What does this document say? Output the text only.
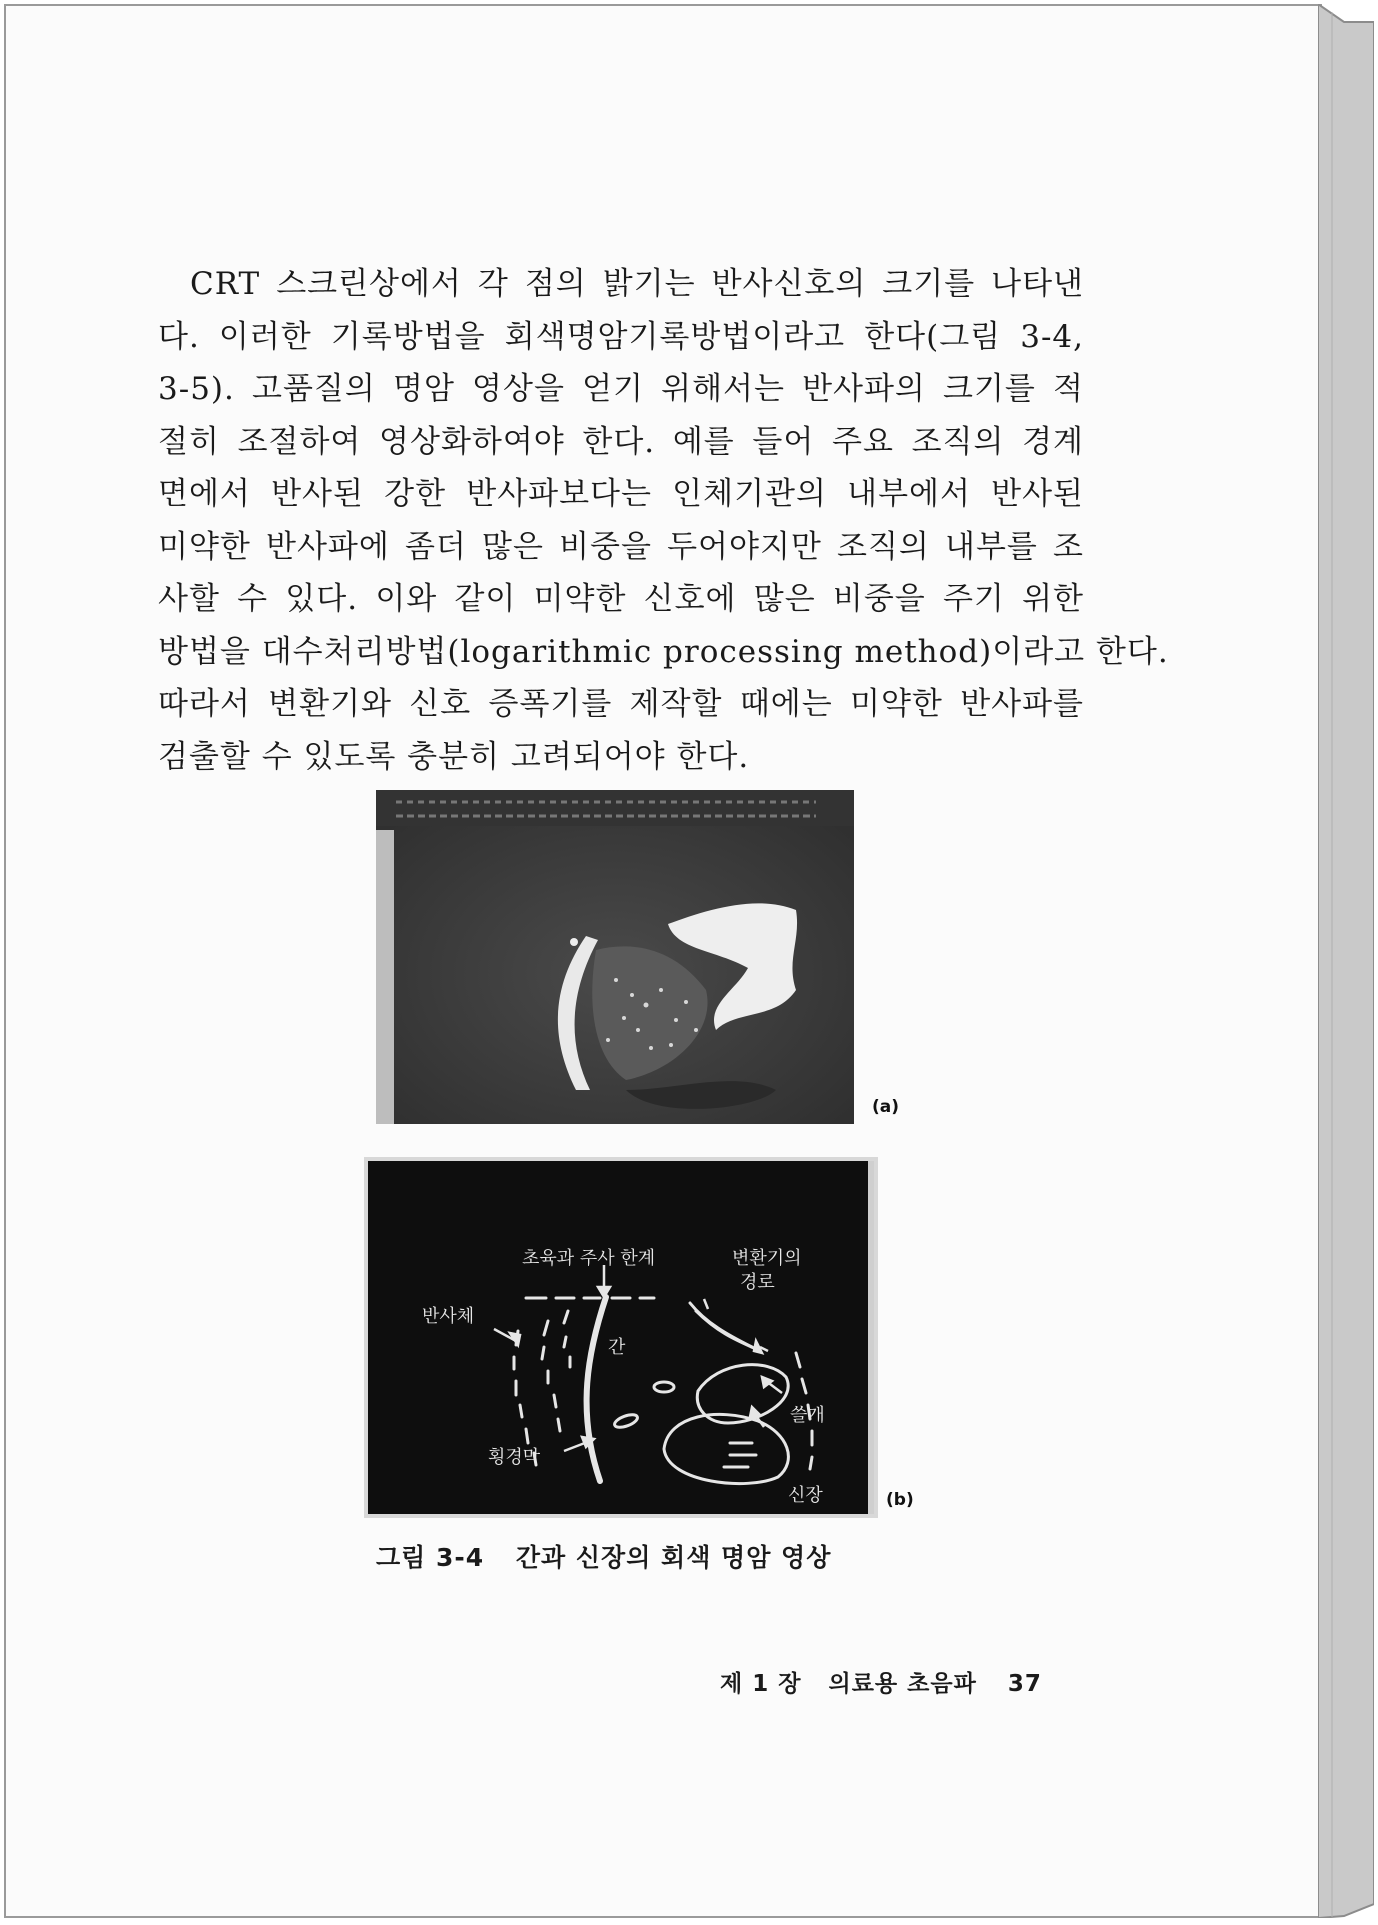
CRT 스크린상에서 각 점의 밝기는 반사신호의 크기를 나타낸
다. 이러한 기록방법을 회색명암기록방법이라고 한다(그림 3-4,
3-5). 고품질의 명암 영상을 얻기 위해서는 반사파의 크기를 적
절히 조절하여 영상화하여야 한다. 예를 들어 주요 조직의 경계
면에서 반사된 강한 반사파보다는 인체기관의 내부에서 반사된
미약한 반사파에 좀더 많은 비중을 두어야지만 조직의 내부를 조
사할 수 있다. 이와 같이 미약한 신호에 많은 비중을 주기 위한
방법을 대수처리방법(logarithmic processing method)이라고 한다.
따라서 변환기와 신호 증폭기를 제작할 때에는 미약한 반사파를
검출할 수 있도록 충분히 고려되어야 한다.
(a)
초육과 주사 한계	변환기의
경로
반사체
간
쓸개
횡경막
신장	(b)
그림 3-4 간과 신장의 회색 명암 영상
제 1 장 의료용 초음파 37
